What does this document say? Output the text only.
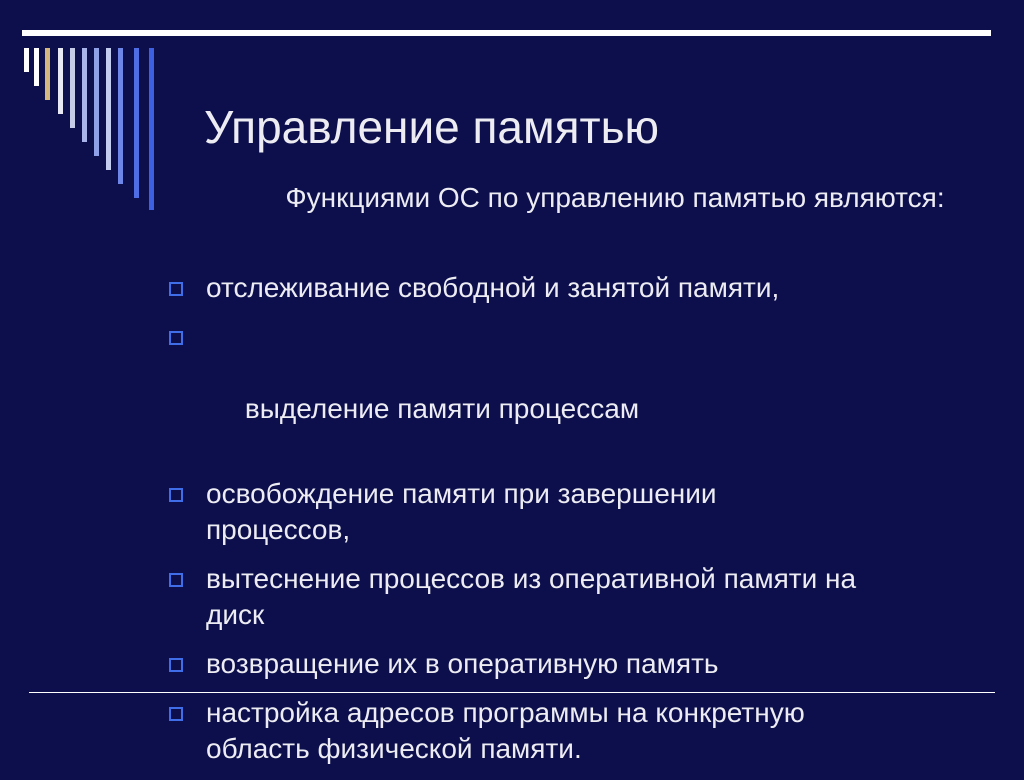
Управление памятью
Функциями ОС по управлению памятью являются:
отслеживание свободной и занятой памяти,

выделение памяти процессам

освобождение памяти при завершении процессов,
вытеснение процессов из оперативной памяти на диск
возвращение их в оперативную память
настройка адресов программы на конкретную область физической памяти.
